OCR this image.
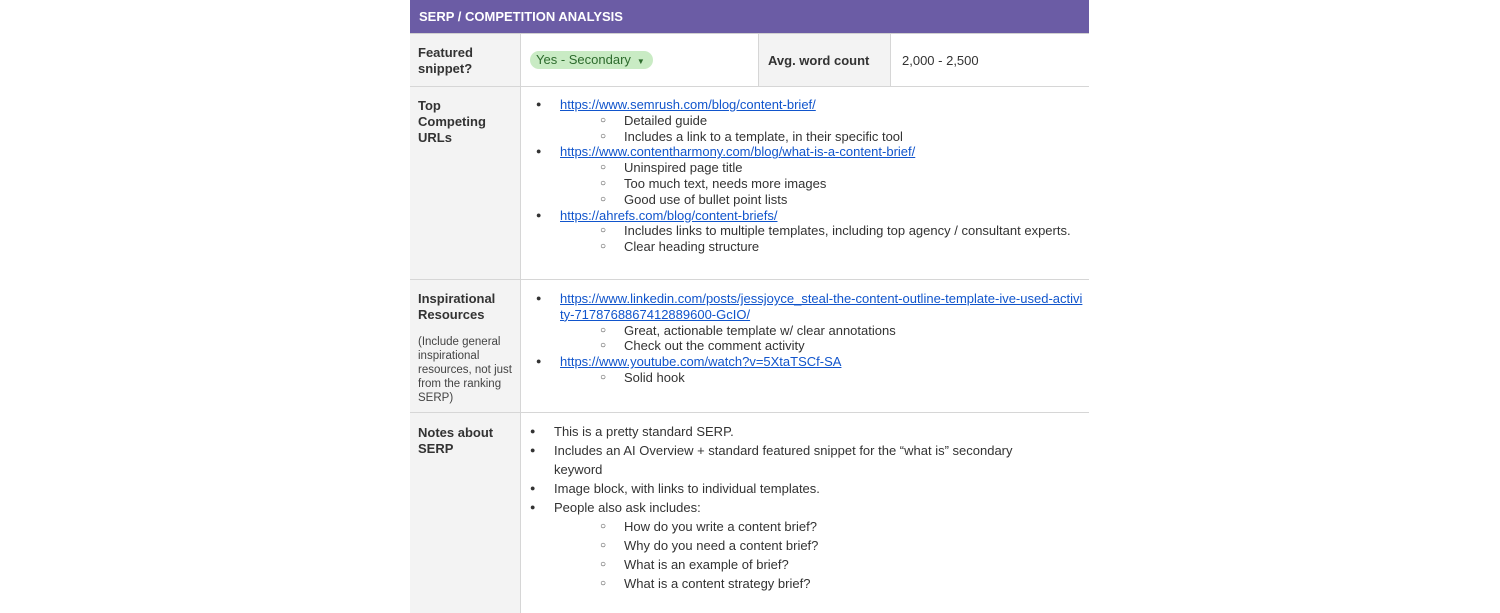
SERP / COMPETITION ANALYSIS
Featured snippet?
Yes - Secondary ▼	Avg. word count	2,000 - 2,500
Top Competing URLs
● https://www.semrush.com/blog/content-brief/
○ Detailed guide
○ Includes a link to a template, in their specific tool
● https://www.contentharmony.com/blog/what-is-a-content-brief/
○ Uninspired page title
○ Too much text, needs more images
○ Good use of bullet point lists
● https://ahrefs.com/blog/content-briefs/
○ Includes links to multiple templates, including top agency / consultant experts.
○ Clear heading structure
Inspirational Resources
(Include general inspirational resources, not just from the ranking SERP)
● https://www.linkedin.com/posts/jessjoyce_steal-the-content-outline-template-ive-used-activity-7178768867412889600-GcIO/
○ Great, actionable template w/ clear annotations
○ Check out the comment activity
● https://www.youtube.com/watch?v=5XtaTSCf-SA
○ Solid hook
Notes about SERP
● This is a pretty standard SERP.
● Includes an AI Overview + standard featured snippet for the “what is” secondary keyword
● Image block, with links to individual templates.
● People also ask includes:
○ How do you write a content brief?
○ Why do you need a content brief?
○ What is an example of brief?
○ What is a content strategy brief?
